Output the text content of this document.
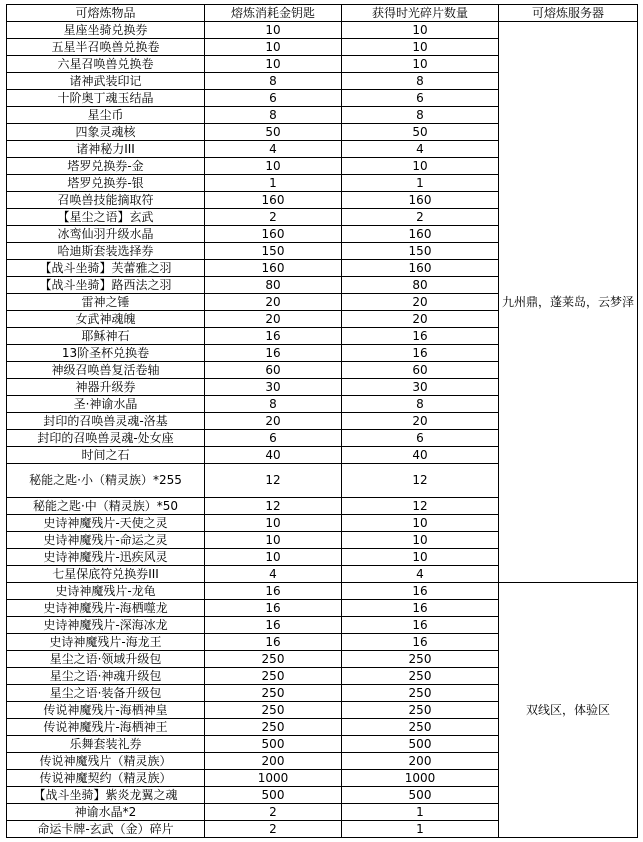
可熔炼物品	熔炼消耗金钥匙	获得时光碎片数量	可熔炼服务器
星座坐骑兑换券	10	10	九州鼎，蓬莱岛，云梦泽
五星半召唤兽兑换卷	10	10	
六星召唤兽兑换卷	10	10	
诸神武装印记	8	8	
十阶奥丁魂玉结晶	6	6	
星尘币	8	8	
四象灵魂核	50	50	
诸神秘力III	4	4	
塔罗兑换券-金	10	10	
塔罗兑换券-银	1	1	
召唤兽技能摘取符	160	160	
【星尘之语】玄武	2	2	
冰鸾仙羽升级水晶	160	160	
哈迪斯套装选择券	150	150	
【战斗坐骑】芙蕾雅之羽	160	160	
【战斗坐骑】路西法之羽	80	80	
雷神之锤	20	20	
女武神魂魄	20	20	
耶稣神石	16	16	
13阶圣杯兑换卷	16	16	
神级召唤兽复活卷轴	60	60	
神器升级券	30	30	
圣·神谕水晶	8	8	
封印的召唤兽灵魂-洛基	20	20	
封印的召唤兽灵魂-处女座	6	6	
时间之石	40	40	
秘能之匙·小（精灵族）*255	12	12	
秘能之匙·中（精灵族）*50	12	12	
史诗神魔残片-天使之灵	10	10	
史诗神魔残片-命运之灵	10	10	
史诗神魔残片-迅疾风灵	10	10	
七星保底符兑换券III	4	4	
史诗神魔残片-龙龟	16	16	双线区，体验区
史诗神魔残片-海栖噬龙	16	16	
史诗神魔残片-深海冰龙	16	16	
史诗神魔残片-海龙王	16	16	
星尘之语·领域升级包	250	250	
星尘之语·神魂升级包	250	250	
星尘之语·装备升级包	250	250	
传说神魔残片-海栖神皇	250	250	
传说神魔残片-海栖神王	250	250	
乐舞套装礼券	500	500	
传说神魔残片（精灵族）	200	200	
传说神魔契约（精灵族）	1000	1000	
【战斗坐骑】紫炎龙翼之魂	500	500	
神谕水晶*2	2	1	
命运卡牌-玄武（金）碎片	2	1	
